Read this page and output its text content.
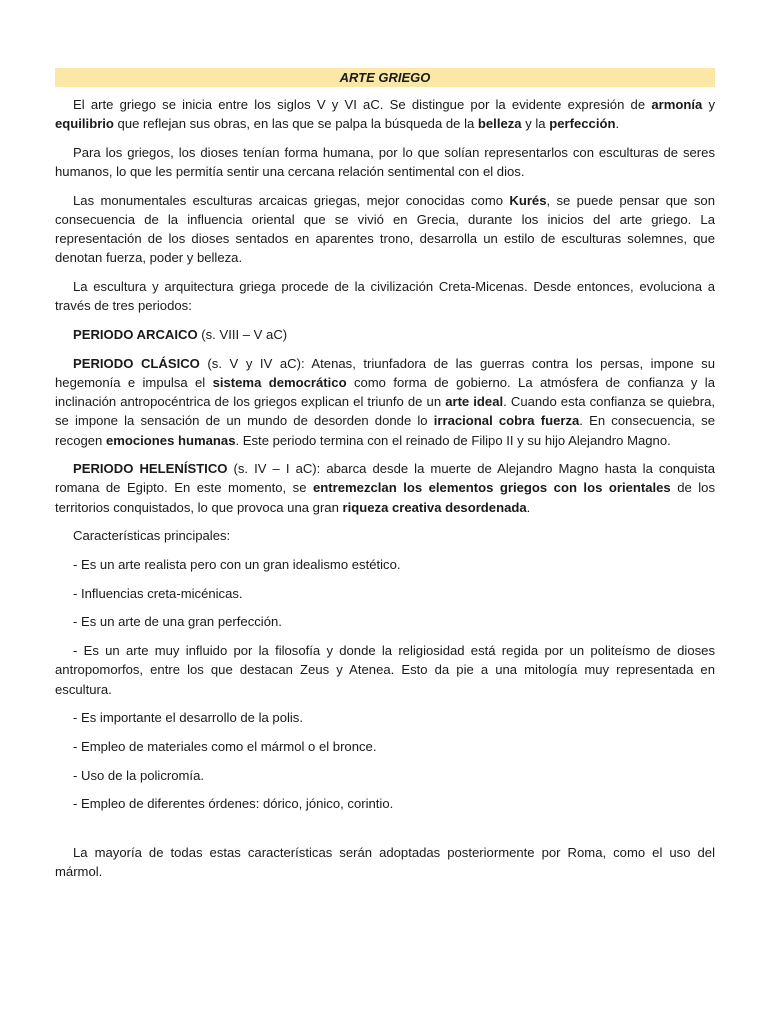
ARTE GRIEGO

El arte griego se inicia entre los siglos V y VI aC. Se distingue por la evidente expresión de armonía y equilibrio que reflejan sus obras, en las que se palpa la búsqueda de la belleza y la perfección.

Para los griegos, los dioses tenían forma humana, por lo que solían representarlos con esculturas de seres humanos, lo que les permitía sentir una cercana relación sentimental con el dios.

Las monumentales esculturas arcaicas griegas, mejor conocidas como Kurés, se puede pensar que son consecuencia de la influencia oriental que se vivió en Grecia, durante los inicios del arte griego. La representación de los dioses sentados en aparentes trono, desarrolla un estilo de esculturas solemnes, que denotan fuerza, poder y belleza.

La escultura y arquitectura griega procede de la civilización Creta-Micenas. Desde entonces, evoluciona a través de tres periodos:

PERIODO ARCAICO (s. VIII – V aC)

PERIODO CLÁSICO (s. V y IV aC): Atenas, triunfadora de las guerras contra los persas, impone su hegemonía e impulsa el sistema democrático como forma de gobierno. La atmósfera de confianza y la inclinación antropocéntrica de los griegos explican el triunfo de un arte ideal. Cuando esta confianza se quiebra, se impone la sensación de un mundo de desorden donde lo irracional cobra fuerza. En consecuencia, se recogen emociones humanas. Este periodo termina con el reinado de Filipo II y su hijo Alejandro Magno.

PERIODO HELENÍSTICO (s. IV – I aC): abarca desde la muerte de Alejandro Magno hasta la conquista romana de Egipto. En este momento, se entremezclan los elementos griegos con los orientales de los territorios conquistados, lo que provoca una gran riqueza creativa desordenada.

Características principales:

- Es un arte realista pero con un gran idealismo estético.

- Influencias creta-micénicas.

- Es un arte de una gran perfección.

- Es un arte muy influido por la filosofía y donde la religiosidad está regida por un politeísmo de dioses antropomorfos, entre los que destacan Zeus y Atenea. Esto da pie a una mitología muy representada en escultura.

- Es importante el desarrollo de la polis.

- Empleo de materiales como el mármol o el bronce.

- Uso de la policromía.

- Empleo de diferentes órdenes: dórico, jónico, corintio.

La mayoría de todas estas características serán adoptadas posteriormente por Roma, como el uso del mármol.
